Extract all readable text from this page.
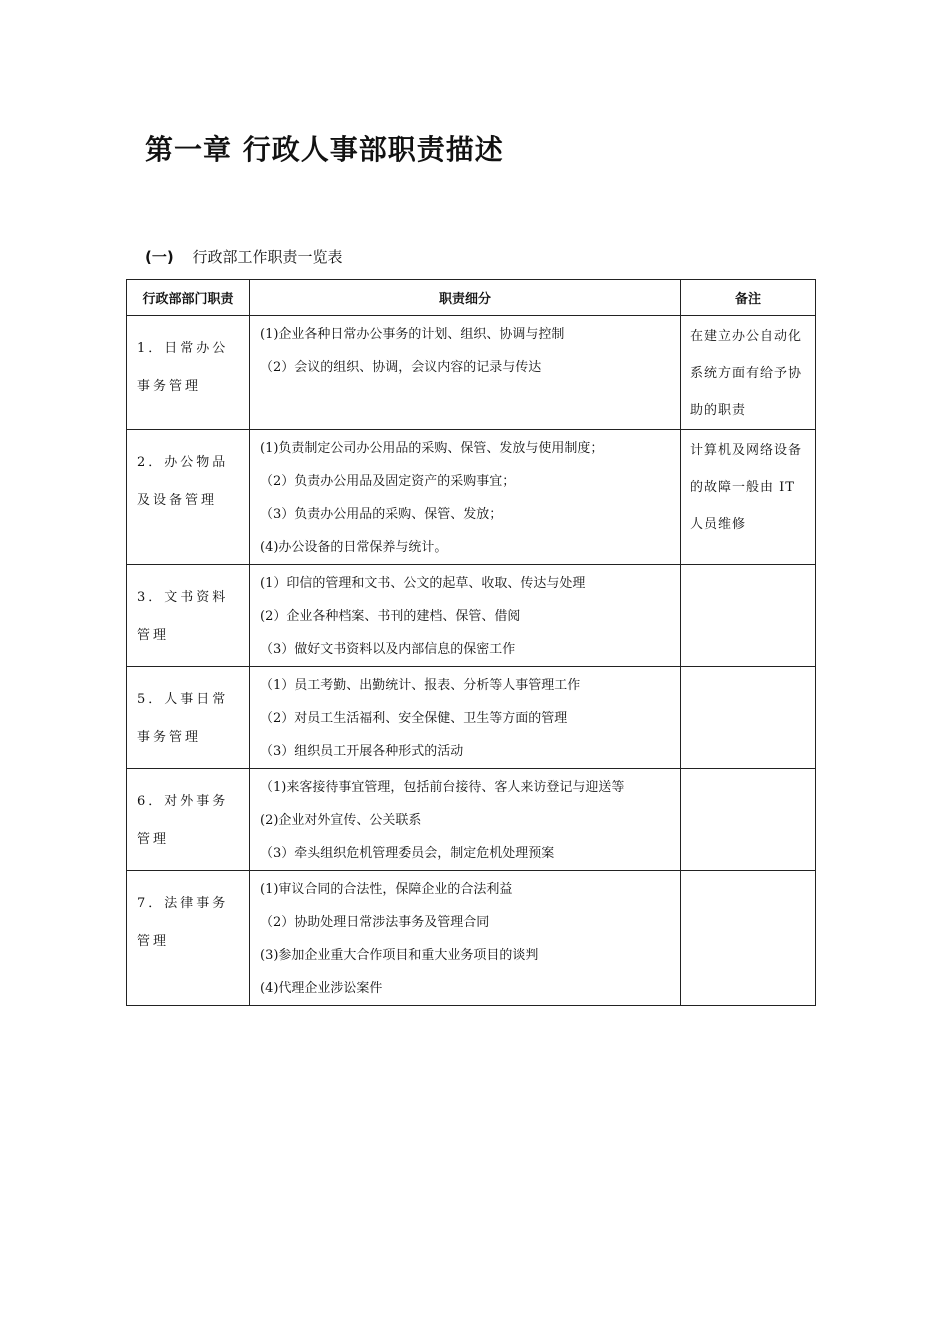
第一章 行政人事部职责描述
(一) 行政部工作职责一览表
行政部部门职责	职责细分	备注
1．日常办公事务管理	(1)企业各种日常办公事务的计划、组织、协调与控制
（2）会议的组织、协调，会议内容的记录与传达	在建立办公自动化系统方面有给予协助的职责
2．办公物品及设备管理	(1)负责制定公司办公用品的采购、保管、发放与使用制度；
（2）负责办公用品及固定资产的采购事宜；
（3）负责办公用品的采购、保管、发放；
(4)办公设备的日常保养与统计。	计算机及网络设备的故障一般由 IT 人员维修
3．文书资料管理	(1）印信的管理和文书、公文的起草、收取、传达与处理
(2）企业各种档案、书刊的建档、保管、借阅
（3）做好文书资料以及内部信息的保密工作	

5．人事日常事务管理	（1）员工考勤、出勤统计、报表、分析等人事管理工作
（2）对员工生活福利、安全保健、卫生等方面的管理
（3）组织员工开展各种形式的活动	

6．对外事务管理	（1)来客接待事宜管理，包括前台接待、客人来访登记与迎送等
(2)企业对外宣传、公关联系
（3）牵头组织危机管理委员会，制定危机处理预案	

7．法律事务管理	(1)审议合同的合法性，保障企业的合法利益
（2）协助处理日常涉法事务及管理合同
(3)参加企业重大合作项目和重大业务项目的谈判
(4)代理企业涉讼案件	
